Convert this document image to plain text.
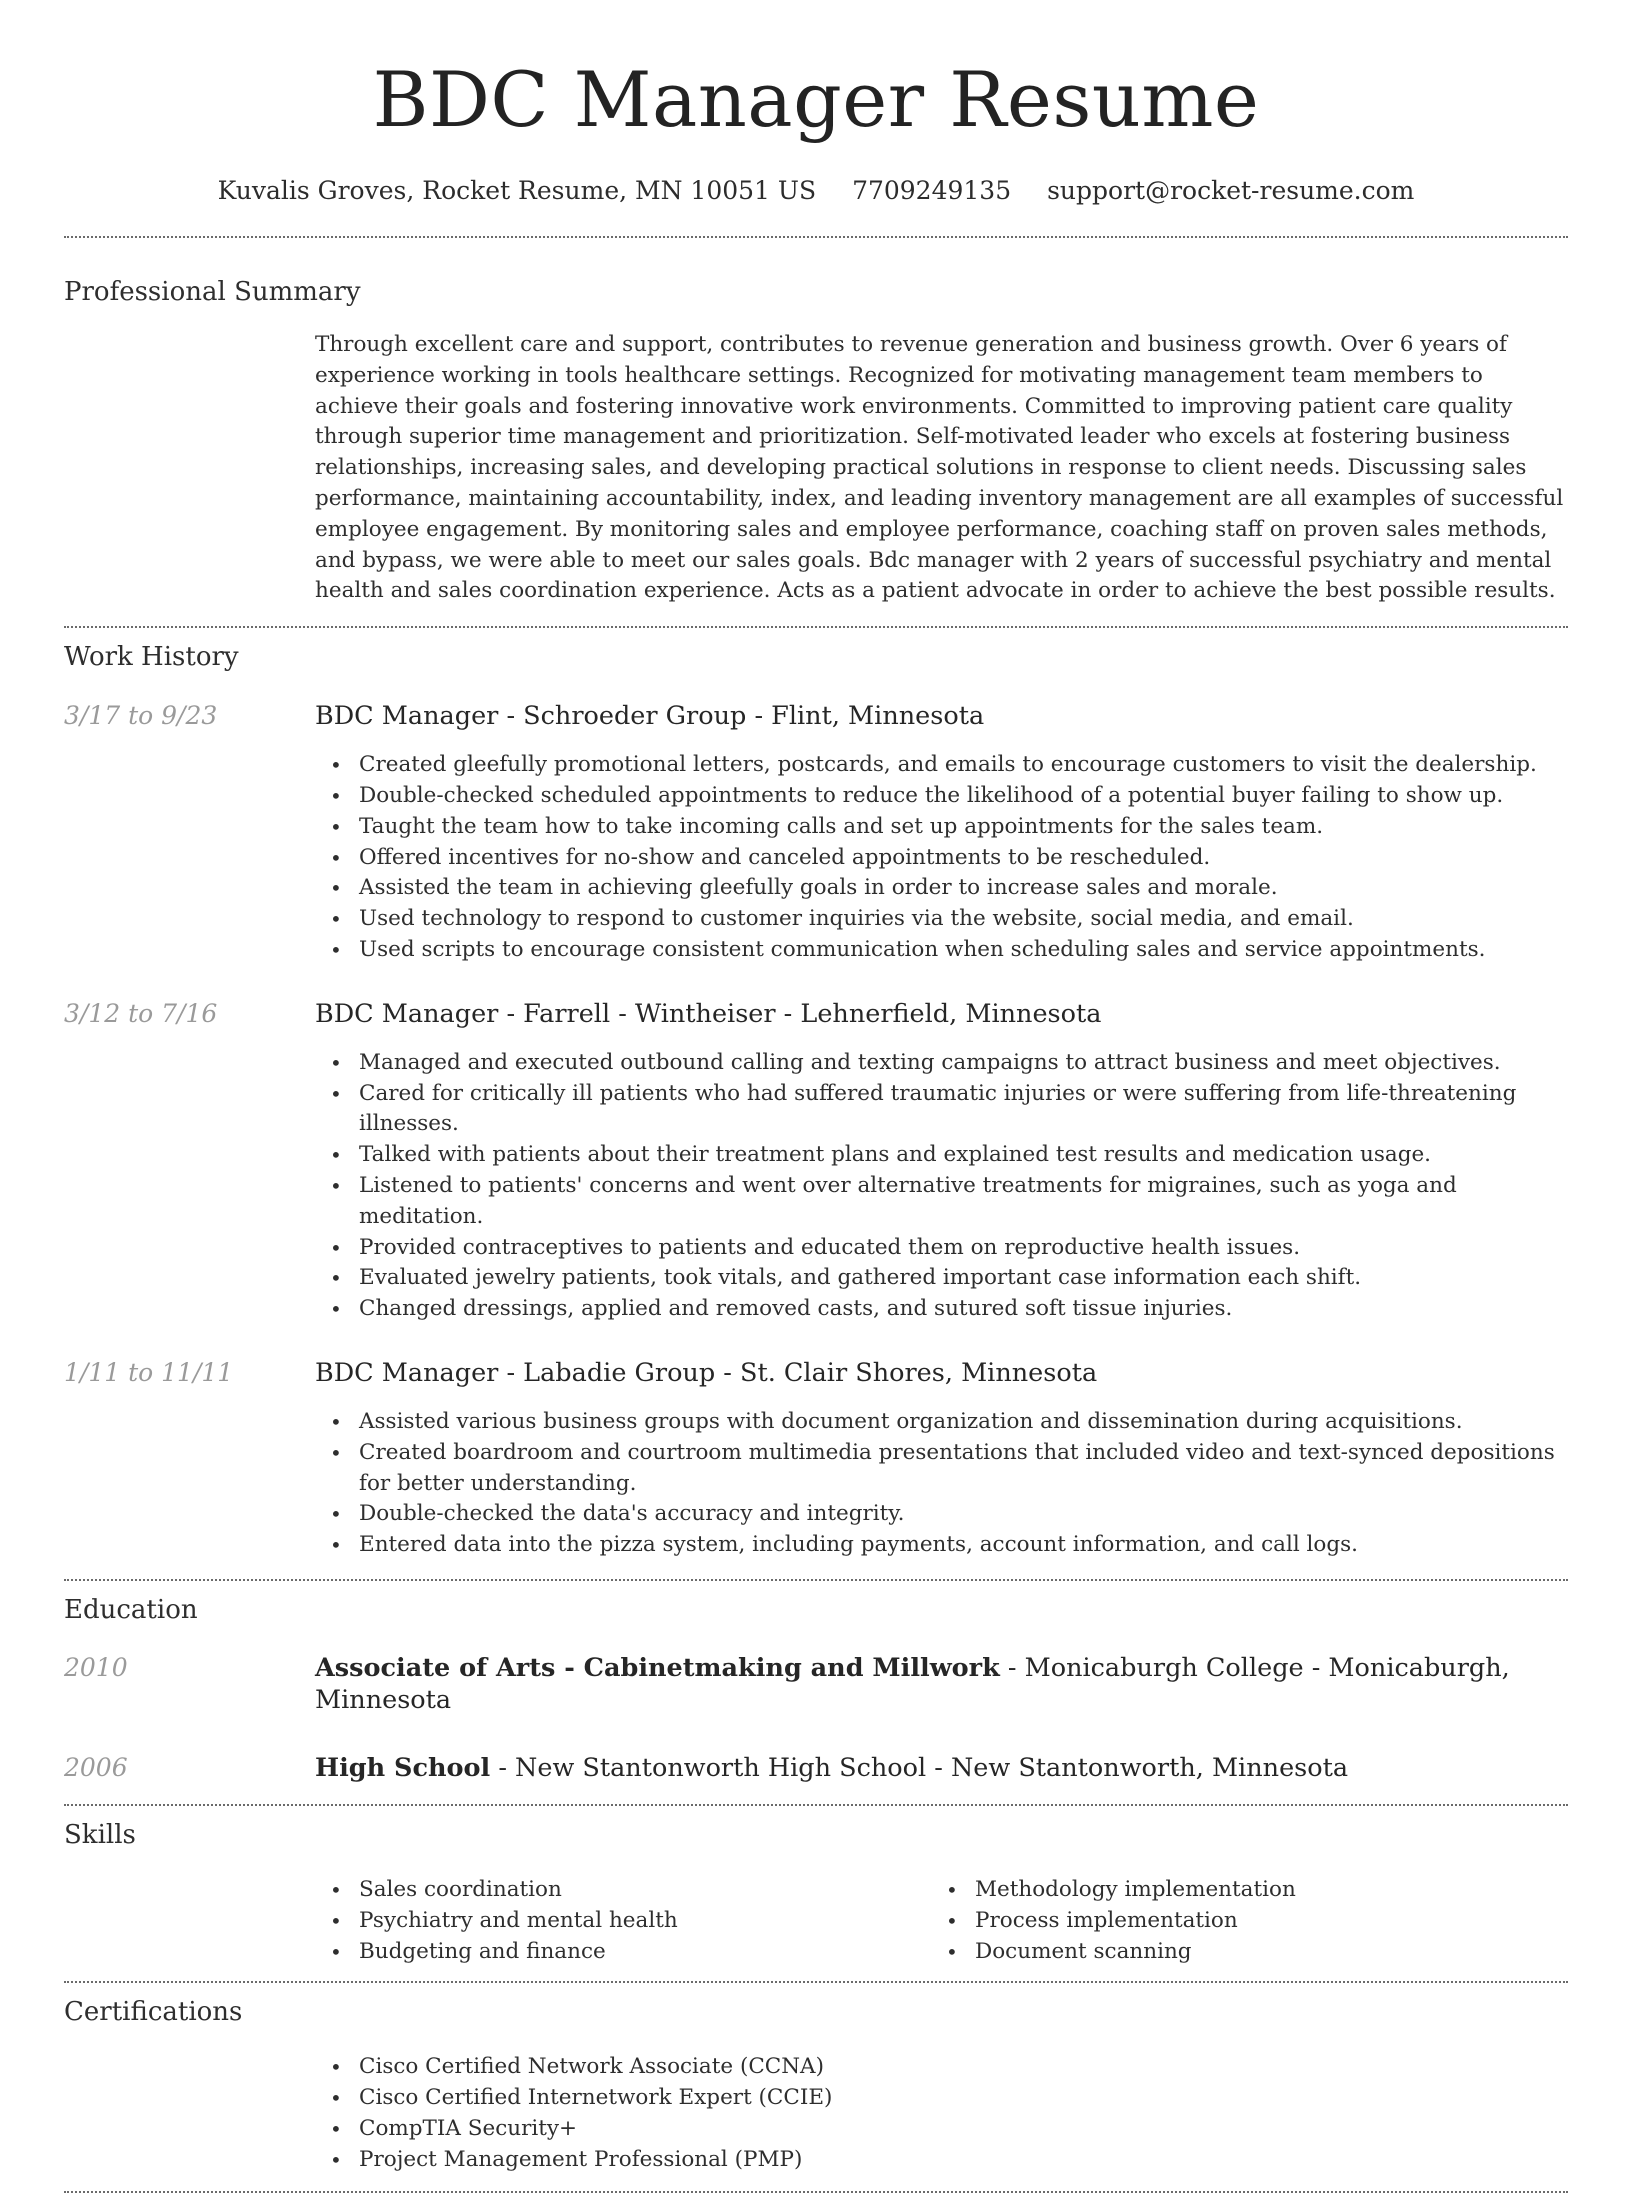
BDC Manager Resume
Kuvalis Groves, Rocket Resume, MN 10051 US 7709249135 support@rocket-resume.com
Professional Summary
Through excellent care and support, contributes to revenue generation and business growth. Over 6 years of experience working in tools healthcare settings. Recognized for motivating management team members to achieve their goals and fostering innovative work environments. Committed to improving patient care quality through superior time management and prioritization. Self-motivated leader who excels at fostering business relationships, increasing sales, and developing practical solutions in response to client needs. Discussing sales performance, maintaining accountability, index, and leading inventory management are all examples of successful employee engagement. By monitoring sales and employee performance, coaching staff on proven sales methods, and bypass, we were able to meet our sales goals. Bdc manager with 2 years of successful psychiatry and mental health and sales coordination experience. Acts as a patient advocate in order to achieve the best possible results.
Work History
3/17 to 9/23	BDC Manager - Schroeder Group - Flint, Minnesota
• Created gleefully promotional letters, postcards, and emails to encourage customers to visit the dealership.
• Double-checked scheduled appointments to reduce the likelihood of a potential buyer failing to show up.
• Taught the team how to take incoming calls and set up appointments for the sales team.
• Offered incentives for no-show and canceled appointments to be rescheduled.
• Assisted the team in achieving gleefully goals in order to increase sales and morale.
• Used technology to respond to customer inquiries via the website, social media, and email.
• Used scripts to encourage consistent communication when scheduling sales and service appointments.
3/12 to 7/16	BDC Manager - Farrell - Wintheiser - Lehnerfield, Minnesota
• Managed and executed outbound calling and texting campaigns to attract business and meet objectives.
• Cared for critically ill patients who had suffered traumatic injuries or were suffering from life-threatening illnesses.
• Talked with patients about their treatment plans and explained test results and medication usage.
• Listened to patients' concerns and went over alternative treatments for migraines, such as yoga and meditation.
• Provided contraceptives to patients and educated them on reproductive health issues.
• Evaluated jewelry patients, took vitals, and gathered important case information each shift.
• Changed dressings, applied and removed casts, and sutured soft tissue injuries.
1/11 to 11/11	BDC Manager - Labadie Group - St. Clair Shores, Minnesota
• Assisted various business groups with document organization and dissemination during acquisitions.
• Created boardroom and courtroom multimedia presentations that included video and text-synced depositions for better understanding.
• Double-checked the data's accuracy and integrity.
• Entered data into the pizza system, including payments, account information, and call logs.
Education
2010	Associate of Arts - Cabinetmaking and Millwork - Monicaburgh College - Monicaburgh, Minnesota
2006	High School - New Stantonworth High School - New Stantonworth, Minnesota
Skills
• Sales coordination
• Psychiatry and mental health
• Budgeting and finance
• Methodology implementation
• Process implementation
• Document scanning
Certifications
• Cisco Certified Network Associate (CCNA)
• Cisco Certified Internetwork Expert (CCIE)
• CompTIA Security+
• Project Management Professional (PMP)
